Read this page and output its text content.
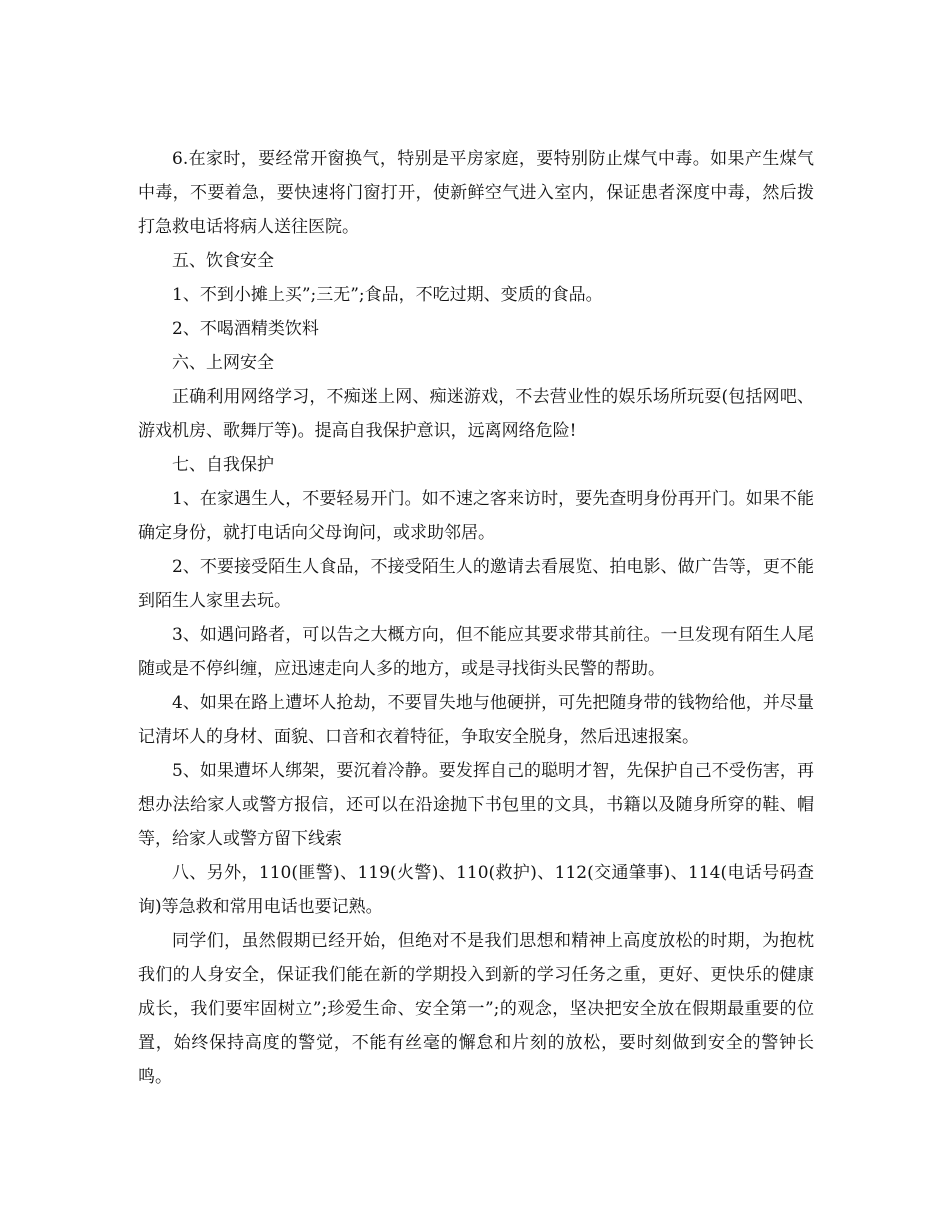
6.在家时，要经常开窗换气，特别是平房家庭，要特别防止煤气中毒。如果产生煤气中毒，不要着急，要快速将门窗打开，使新鲜空气进入室内，保证患者深度中毒，然后拨打急救电话将病人送往医院。

五、饮食安全

1、不到小摊上买”;三无”;食品，不吃过期、变质的食品。

2、不喝酒精类饮料

六、上网安全

正确利用网络学习，不痴迷上网、痴迷游戏，不去营业性的娱乐场所玩耍(包括网吧、游戏机房、歌舞厅等)。提高自我保护意识，远离网络危险!

七、自我保护

1、在家遇生人，不要轻易开门。如不速之客来访时，要先查明身份再开门。如果不能确定身份，就打电话向父母询问，或求助邻居。

2、不要接受陌生人食品，不接受陌生人的邀请去看展览、拍电影、做广告等，更不能到陌生人家里去玩。

3、如遇问路者，可以告之大概方向，但不能应其要求带其前往。一旦发现有陌生人尾随或是不停纠缠，应迅速走向人多的地方，或是寻找街头民警的帮助。

4、如果在路上遭坏人抢劫，不要冒失地与他硬拼，可先把随身带的钱物给他，并尽量记清坏人的身材、面貌、口音和衣着特征，争取安全脱身，然后迅速报案。

5、如果遭坏人绑架，要沉着冷静。要发挥自己的聪明才智，先保护自己不受伤害，再想办法给家人或警方报信，还可以在沿途抛下书包里的文具，书籍以及随身所穿的鞋、帽等，给家人或警方留下线索

八、另外，110(匪警)、119(火警)、110(救护)、112(交通肇事)、114(电话号码查询)等急救和常用电话也要记熟。

同学们，虽然假期已经开始，但绝对不是我们思想和精神上高度放松的时期，为抱枕我们的人身安全，保证我们能在新的学期投入到新的学习任务之重，更好、更快乐的健康成长，我们要牢固树立”;珍爱生命、安全第一”;的观念，坚决把安全放在假期最重要的位置，始终保持高度的警觉，不能有丝毫的懈怠和片刻的放松，要时刻做到安全的警钟长鸣。
